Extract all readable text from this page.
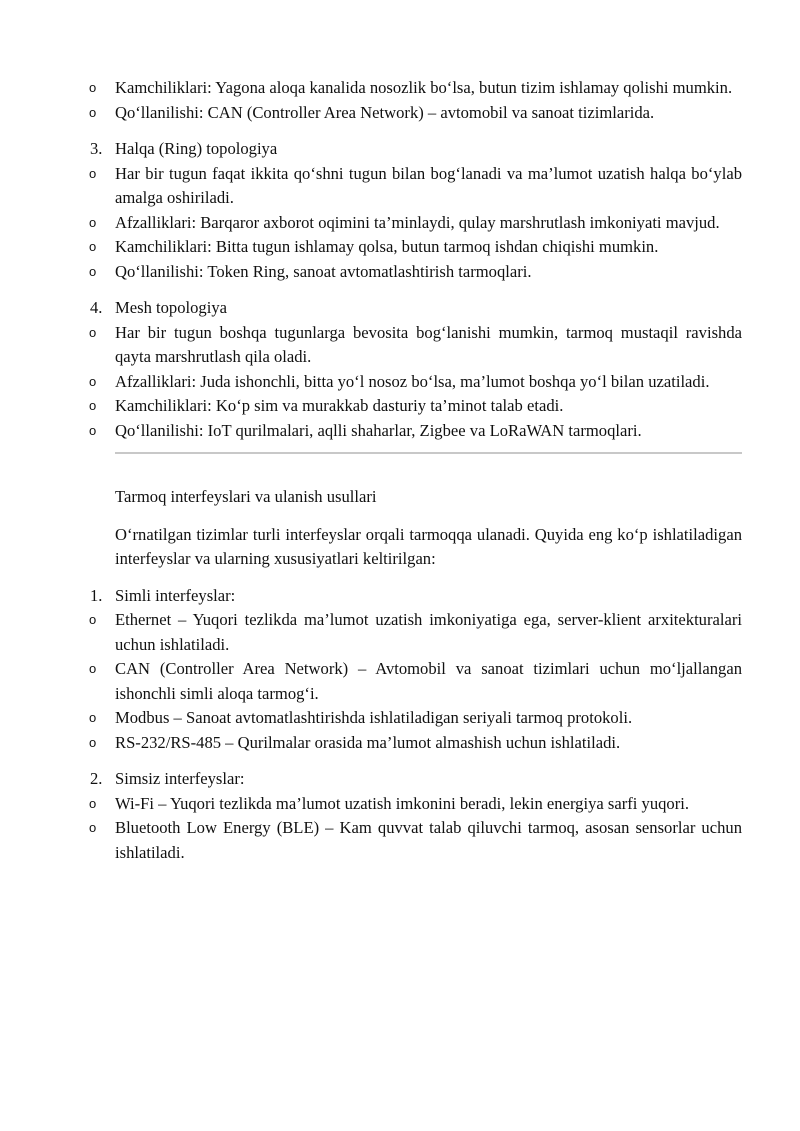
o Kamchiliklari: Yagona aloqa kanalida nosozlik bo‘lsa, butun tizim ishlamay qolishi mumkin.
o Qo‘llanilishi: CAN (Controller Area Network) – avtomobil va sanoat tizimlarida.
3. Halqa (Ring) topologiya
o Har bir tugun faqat ikkita qo‘shni tugun bilan bog‘lanadi va ma’lumot uzatish halqa bo‘ylab amalga oshiriladi.
o Afzalliklari: Barqaror axborot oqimini ta’minlaydi, qulay marshrutlash imkoniyati mavjud.
o Kamchiliklari: Bitta tugun ishlamay qolsa, butun tarmoq ishdan chiqishi mumkin.
o Qo‘llanilishi: Token Ring, sanoat avtomatlashtirish tarmoqlari.
4. Mesh topologiya
o Har bir tugun boshqa tugunlarga bevosita bog‘lanishi mumkin, tarmoq mustaqil ravishda qayta marshrutlash qila oladi.
o Afzalliklari: Juda ishonchli, bitta yo‘l nosoz bo‘lsa, ma’lumot boshqa yo‘l bilan uzatiladi.
o Kamchiliklari: Ko‘p sim va murakkab dasturiy ta’minot talab etadi.
o Qo‘llanilishi: IoT qurilmalari, aqlli shaharlar, Zigbee va LoRaWAN tarmoqlari.
Tarmoq interfeyslari va ulanish usullari
O‘rnatilgan tizimlar turli interfeyslar orqali tarmoqqa ulanadi. Quyida eng ko‘p ishlatiladigan interfeyslar va ularning xususiyatlari keltirilgan:
1. Simli interfeyslar:
o Ethernet – Yuqori tezlikda ma’lumot uzatish imkoniyatiga ega, server-klient arxitekturalari uchun ishlatiladi.
o CAN (Controller Area Network) – Avtomobil va sanoat tizimlari uchun mo‘ljallangan ishonchli simli aloqa tarmog‘i.
o Modbus – Sanoat avtomatlashtirishda ishlatiladigan seriyali tarmoq protokoli.
o RS-232/RS-485 – Qurilmalar orasida ma’lumot almashish uchun ishlatiladi.
2. Simsiz interfeyslar:
o Wi-Fi – Yuqori tezlikda ma’lumot uzatish imkonini beradi, lekin energiya sarfi yuqori.
o Bluetooth Low Energy (BLE) – Kam quvvat talab qiluvchi tarmoq, asosan sensorlar uchun ishlatiladi.
